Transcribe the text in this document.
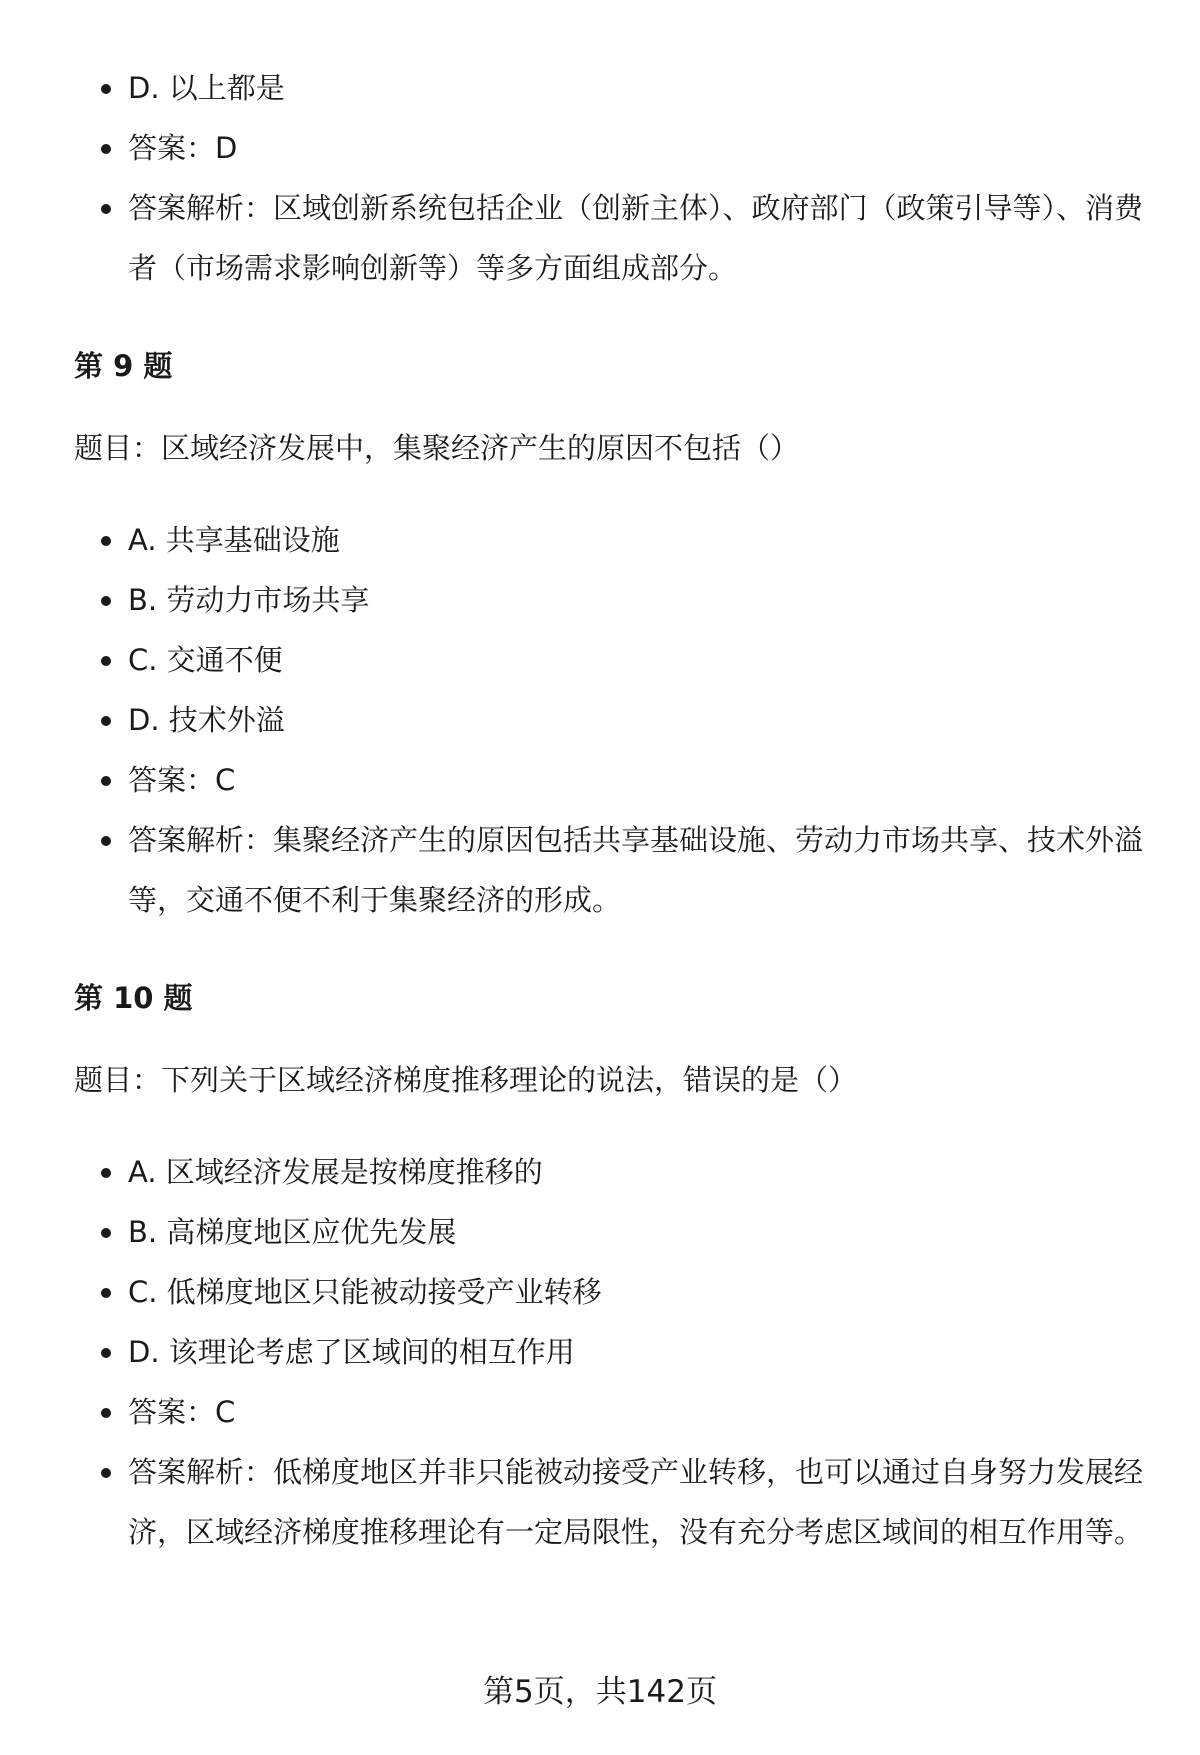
D. 以上都是
答案：D
答案解析：区域创新系统包括企业（创新主体）、政府部门（政策引导等）、消费者（市场需求影响创新等）等多方面组成部分。

第 9 题

题目：区域经济发展中，集聚经济产生的原因不包括（）

A. 共享基础设施
B. 劳动力市场共享
C. 交通不便
D. 技术外溢
答案：C
答案解析：集聚经济产生的原因包括共享基础设施、劳动力市场共享、技术外溢等，交通不便不利于集聚经济的形成。

第 10 题

题目：下列关于区域经济梯度推移理论的说法，错误的是（）

A. 区域经济发展是按梯度推移的
B. 高梯度地区应优先发展
C. 低梯度地区只能被动接受产业转移
D. 该理论考虑了区域间的相互作用
答案：C
答案解析：低梯度地区并非只能被动接受产业转移，也可以通过自身努力发展经济，区域经济梯度推移理论有一定局限性，没有充分考虑区域间的相互作用等。
第5页，共142页
